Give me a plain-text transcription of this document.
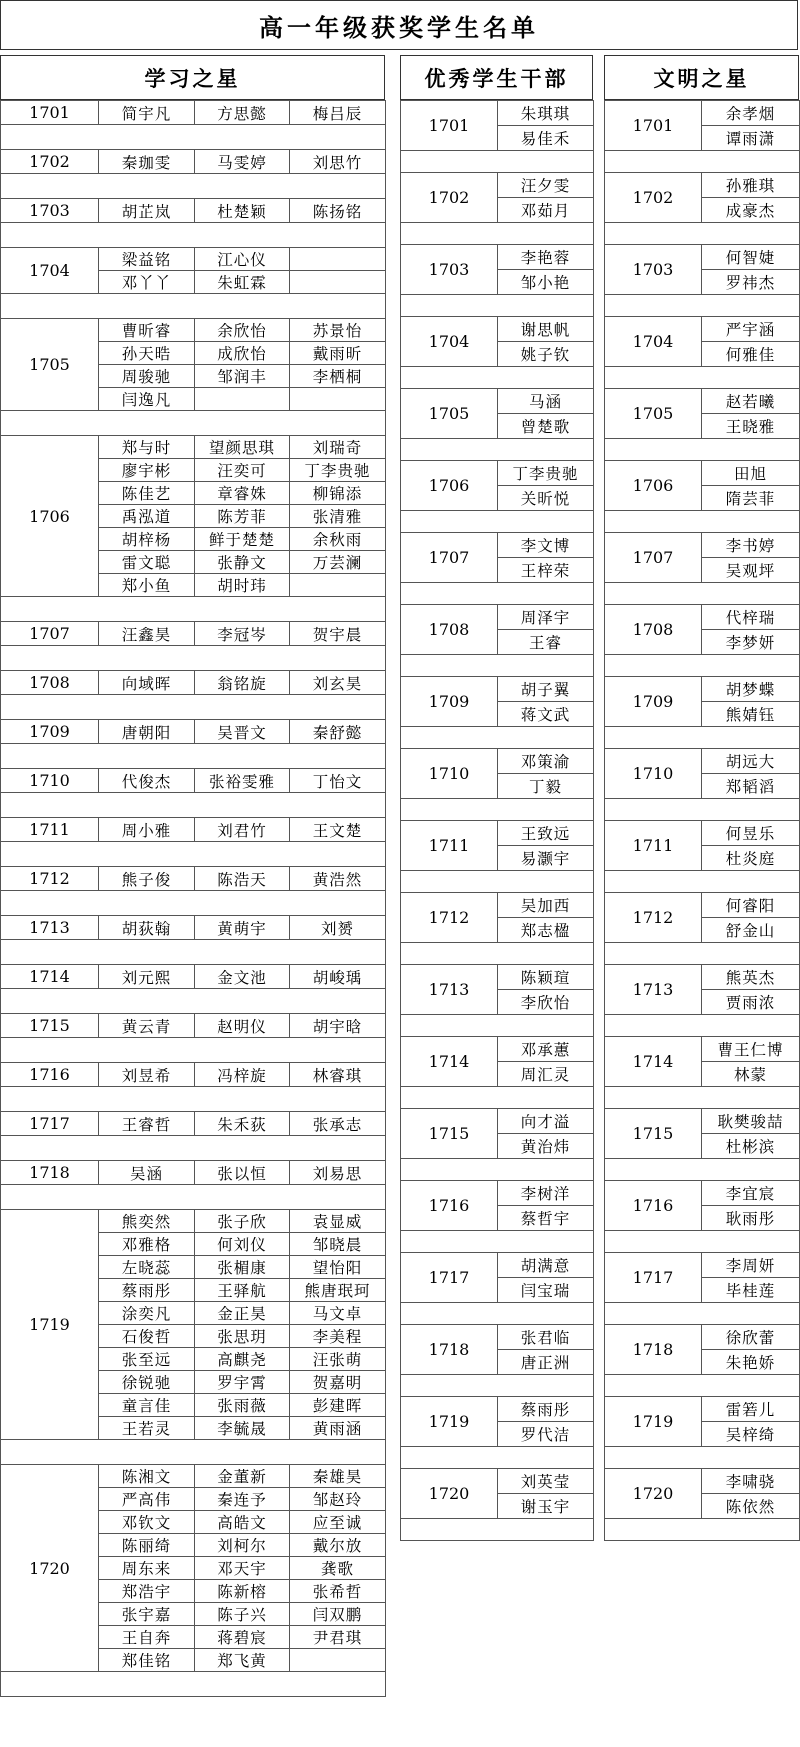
高一年级获奖学生名单
学习之星
1701	简宇凡	方思懿	梅吕辰

1702	秦珈雯	马雯婷	刘思竹

1703	胡芷岚	杜楚颖	陈扬铭

1704	梁益铭	江心仪	
	邓丫丫	朱虹霖	

1705	曹昕睿	余欣怡	苏景怡
	孙天晧	成欣怡	戴雨昕
	周骏驰	邹润丰	李栖桐
	闫逸凡		

1706	郑与时	望颜思琪	刘瑞奇
	廖宇彬	汪奕可	丁李贵驰
	陈佳艺	章睿姝	柳锦添
	禹泓道	陈芳菲	张清雅
	胡梓杨	鲜于楚楚	余秋雨
	雷文聪	张静文	万芸澜
	郑小鱼	胡时玮	

1707	汪鑫昊	李冠岑	贺宇晨

1708	向域晖	翁铭旋	刘玄昊

1709	唐朝阳	吴晋文	秦舒懿

1710	代俊杰	张裕雯雅	丁怡文

1711	周小雅	刘君竹	王文楚

1712	熊子俊	陈浩天	黄浩然

1713	胡荻翰	黄萌宇	刘赟

1714	刘元熙	金文池	胡峻瑀

1715	黄云青	赵明仪	胡宇晗

1716	刘昱希	冯梓旋	林睿琪

1717	王睿哲	朱禾荻	张承志

1718	吴涵	张以恒	刘易思

1719	熊奕然	张子欣	袁显威
	邓雅格	何刘仪	邹晓晨
	左晓蕊	张楣康	望怡阳
	蔡雨彤	王驿航	熊唐珉珂
	涂奕凡	金正昊	马文卓
	石俊哲	张思玥	李美程
	张至远	高麒尧	汪张萌
	徐锐驰	罗宇霄	贺嘉明
	童言佳	张雨薇	彭建晖
	王若灵	李毓晟	黄雨涵

1720	陈湘文	金董新	秦雄昊
	严高伟	秦连予	邹赵玲
	邓钦文	高皓文	应至诚
	陈丽绮	刘柯尔	戴尔放
	周东来	邓天宇	龚歌
	郑浩宇	陈新榕	张希哲
	张宇嘉	陈子兴	闫双鹏
	王自奔	蒋碧宸	尹君琪
	郑佳铭	郑飞黄	

优秀学生干部
1701	朱琪琪
	易佳禾

1702	汪夕雯
	邓茹月

1703	李艳蓉
	邹小艳

1704	谢思帆
	姚子钦

1705	马涵
	曾楚歌

1706	丁李贵驰
	关昕悦

1707	李文博
	王梓荣

1708	周泽宇
	王睿

1709	胡子翼
	蒋文武

1710	邓策渝
	丁毅

1711	王致远
	易灏宇

1712	吴加西
	郑志楹

1713	陈颖瑄
	李欣怡

1714	邓承蕙
	周汇灵

1715	向才溢
	黄治炜

1716	李树洋
	蔡哲宇

1717	胡满意
	闫宝瑞

1718	张君临
	唐正洲

1719	蔡雨彤
	罗代洁

1720	刘英莹
	谢玉宇

文明之星
1701	余孝烟
	谭雨潇

1702	孙雅琪
	成豪杰

1703	何智婕
	罗祎杰

1704	严宇涵
	何雅佳

1705	赵若曦
	王晓雅

1706	田旭
	隋芸菲

1707	李书婷
	吴观坪

1708	代梓瑞
	李梦妍

1709	胡梦蝶
	熊婧钰

1710	胡远大
	郑韬滔

1711	何昱乐
	杜炎庭

1712	何睿阳
	舒金山

1713	熊英杰
	贾雨浓

1714	曹王仁博
	林蒙

1715	耿樊骏喆
	杜彬滨

1716	李宜宸
	耿雨彤

1717	李周妍
	毕桂莲

1718	徐欣蕾
	朱艳娇

1719	雷箬儿
	吴梓绮

1720	李啸骁
	陈依然
